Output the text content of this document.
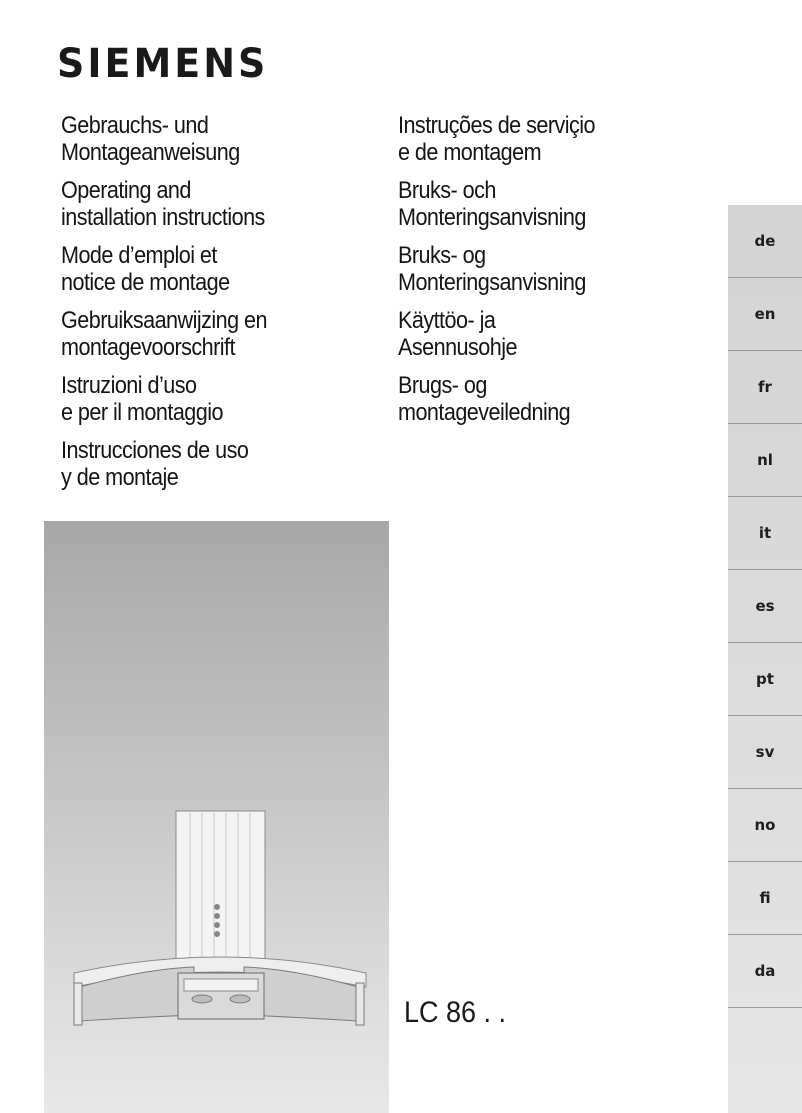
SIEMENS
Gebrauchs- und
Montageanweisung
Operating and
installation instructions
Mode d’emploi et
notice de montage
Gebruiksaanwijzing en
montagevoorschrift
Istruzioni d’uso
e per il montaggio
Instrucciones de uso
y de montaje
Instruções de serviçio
e de montagem
Bruks- och
Monteringsanvisning
Bruks- og
Monteringsanvisning
Käyttöo- ja
Asennusohje
Brugs- og
montageveiledning
de
en
fr
nl
it
es
pt
sv
no
fi
da
LC 86 . .
